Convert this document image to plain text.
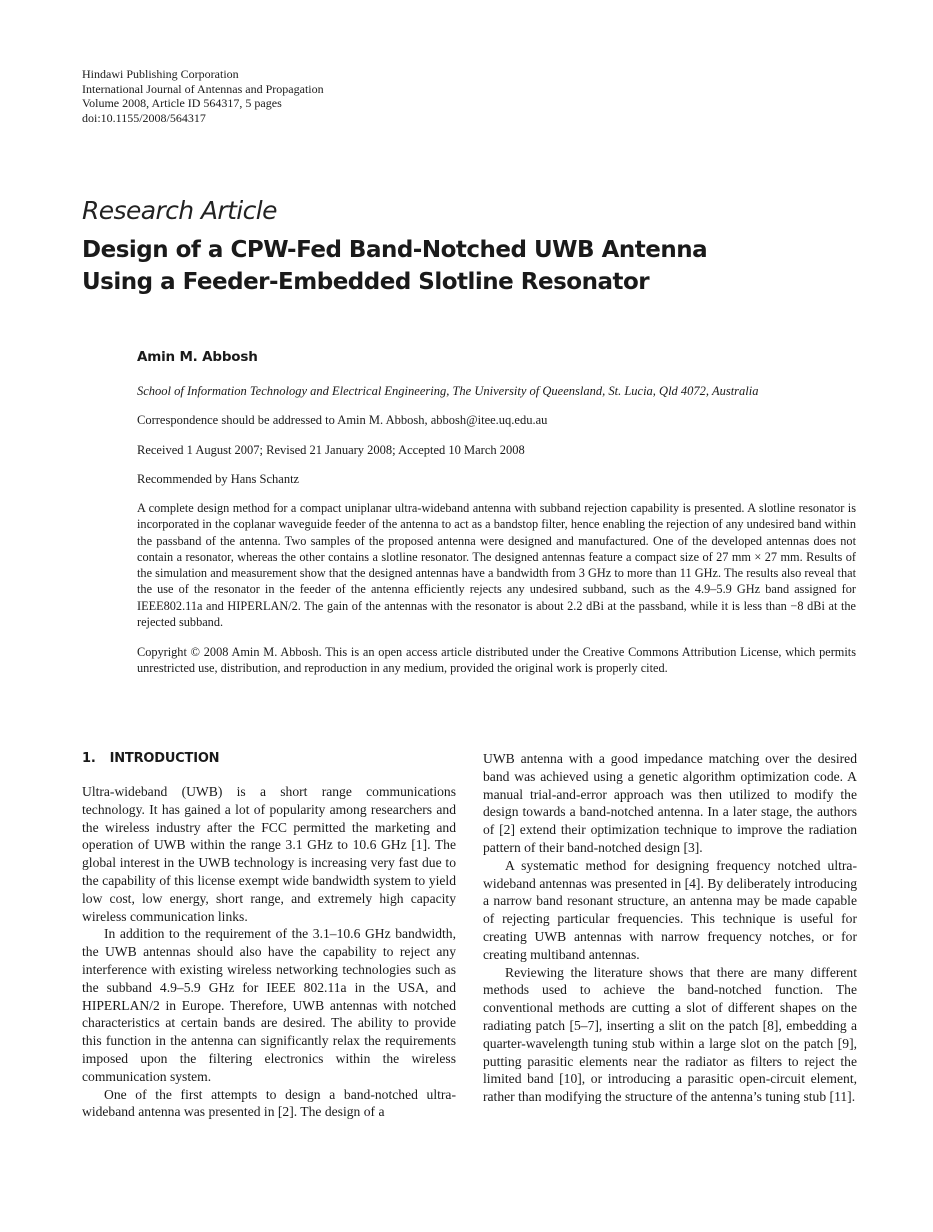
Hindawi Publishing Corporation
International Journal of Antennas and Propagation
Volume 2008, Article ID 564317, 5 pages
doi:10.1155/2008/564317
Research Article
Design of a CPW-Fed Band-Notched UWB Antenna
Using a Feeder-Embedded Slotline Resonator
Amin M. Abbosh
School of Information Technology and Electrical Engineering, The University of Queensland, St. Lucia, Qld 4072, Australia
Correspondence should be addressed to Amin M. Abbosh, abbosh@itee.uq.edu.au
Received 1 August 2007; Revised 21 January 2008; Accepted 10 March 2008
Recommended by Hans Schantz
A complete design method for a compact uniplanar ultra-wideband antenna with subband rejection capability is presented. A slotline resonator is incorporated in the coplanar waveguide feeder of the antenna to act as a bandstop filter, hence enabling the rejection of any undesired band within the passband of the antenna. Two samples of the proposed antenna were designed and manufactured. One of the developed antennas does not contain a resonator, whereas the other contains a slotline resonator. The designed antennas feature a compact size of 27 mm × 27 mm. Results of the simulation and measurement show that the designed antennas have a bandwidth from 3 GHz to more than 11 GHz. The results also reveal that the use of the resonator in the feeder of the antenna efficiently rejects any undesired subband, such as the 4.9–5.9 GHz band assigned for IEEE802.11a and HIPERLAN/2. The gain of the antennas with the resonator is about 2.2 dBi at the passband, while it is less than −8 dBi at the rejected subband.
Copyright © 2008 Amin M. Abbosh. This is an open access article distributed under the Creative Commons Attribution License, which permits unrestricted use, distribution, and reproduction in any medium, provided the original work is properly cited.
1. INTRODUCTION

Ultra-wideband (UWB) is a short range communications technology. It has gained a lot of popularity among researchers and the wireless industry after the FCC permitted the marketing and operation of UWB within the range 3.1 GHz to 10.6 GHz [1]. The global interest in the UWB technology is increasing very fast due to the capability of this license exempt wide bandwidth system to yield low cost, low energy, short range, and extremely high capacity wireless communication links.

In addition to the requirement of the 3.1–10.6 GHz bandwidth, the UWB antennas should also have the capability to reject any interference with existing wireless networking technologies such as the subband 4.9–5.9 GHz for IEEE 802.11a in the USA, and HIPERLAN/2 in Europe. Therefore, UWB antennas with notched characteristics at certain bands are desired. The ability to provide this function in the antenna can significantly relax the requirements imposed upon the filtering electronics within the wireless communication system.

One of the first attempts to design a band-notched ultra-wideband antenna was presented in [2]. The design of a

UWB antenna with a good impedance matching over the desired band was achieved using a genetic algorithm optimization code. A manual trial-and-error approach was then utilized to modify the design towards a band-notched antenna. In a later stage, the authors of [2] extend their optimization technique to improve the radiation pattern of their band-notched design [3].

A systematic method for designing frequency notched ultra-wideband antennas was presented in [4]. By deliberately introducing a narrow band resonant structure, an antenna may be made capable of rejecting particular frequencies. This technique is useful for creating UWB antennas with narrow frequency notches, or for creating multiband antennas.

Reviewing the literature shows that there are many different methods used to achieve the band-notched function. The conventional methods are cutting a slot of different shapes on the radiating patch [5–7], inserting a slit on the patch [8], embedding a quarter-wavelength tuning stub within a large slot on the patch [9], putting parasitic elements near the radiator as filters to reject the limited band [10], or introducing a parasitic open-circuit element, rather than modifying the structure of the antenna’s tuning stub [11].
